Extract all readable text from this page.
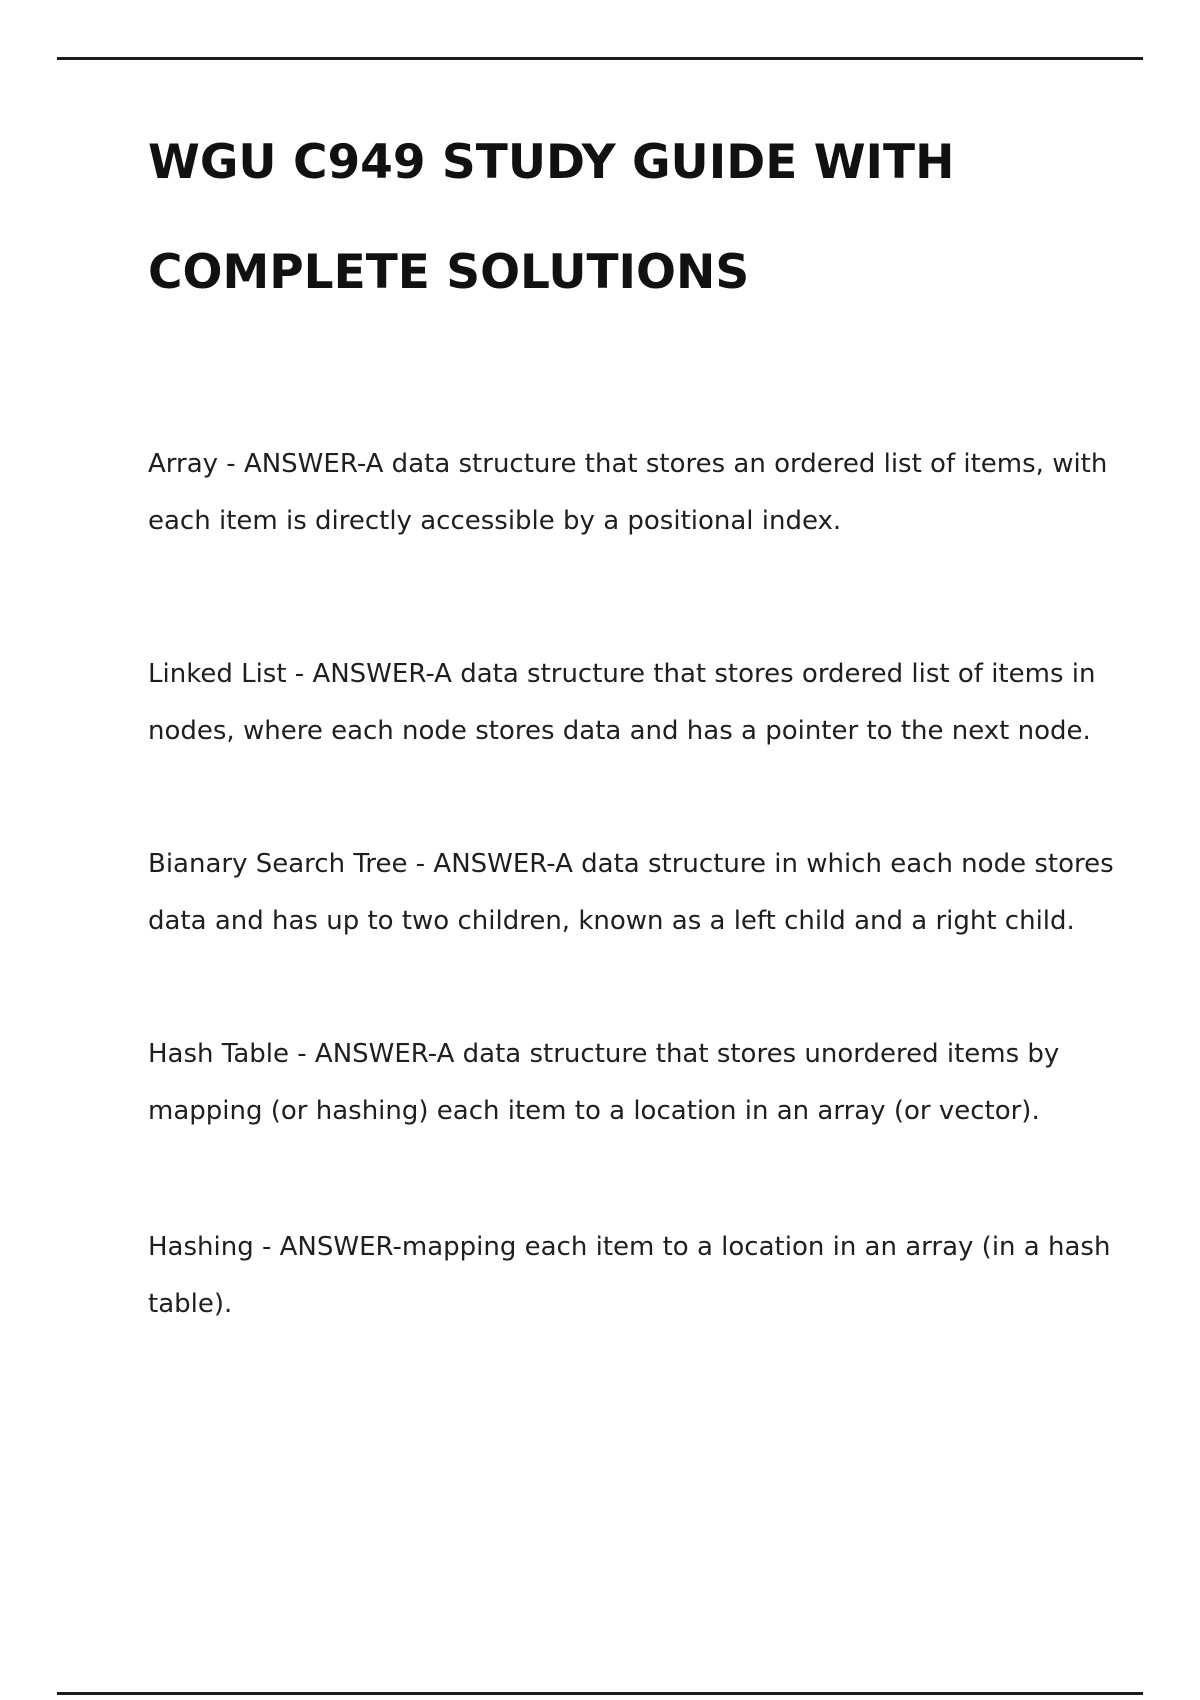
WGU C949 STUDY GUIDE WITH
COMPLETE SOLUTIONS
Array - ANSWER-A data structure that stores an ordered list of items, with
each item is directly accessible by a positional index.
Linked List - ANSWER-A data structure that stores ordered list of items in
nodes, where each node stores data and has a pointer to the next node.
Bianary Search Tree - ANSWER-A data structure in which each node stores
data and has up to two children, known as a left child and a right child.
Hash Table - ANSWER-A data structure that stores unordered items by
mapping (or hashing) each item to a location in an array (or vector).
Hashing - ANSWER-mapping each item to a location in an array (in a hash
table).
